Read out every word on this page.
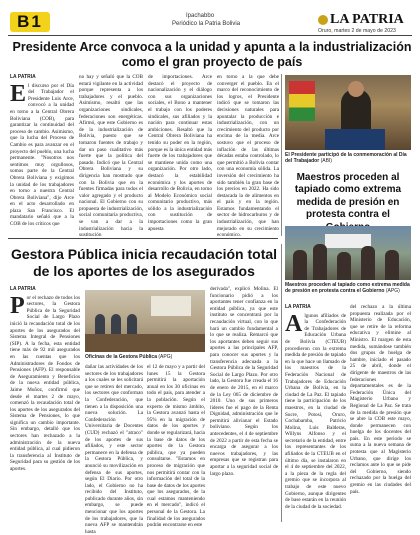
B1	Ipachabbo
Periódico la Patria Bolivia	LA PATRIA
Oruro, martes 2 de mayo de 2023
Presidente Arce convoca a la unidad y apunta a la industrialización como el gran proyecto de país
LA PATRIA
E l discurso por el Día del Trabajador el Presidente Luis Arce, convocó a la unidad en torno a la Central Obrera Boliviana (COB), para garantizar la continuidad del proceso de cambio. Asimismo, que la lucha del Proceso de Cambio es para avanzar en el proyecto del pueblo, una lucha permanente. "Nosotros nos sentimos muy orgullosos, somos parte de la Central Obrera Boliviana y exigimos la unidad de los trabajadores en torno a nuestra Central Obrera Boliviana", dijo Arce en el acto desarrollado en plaza San Francisco. El mandatario señaló que a la COB de los críticos que
no hay y señaló que la COB estará vigilante en la actividad porque representa a los trabajadores y el pueblo. Asimismo, resaltó que las organizaciones sindicales, federaciones son energéticas. Afirmó, que este Gobierno es de la industrialización de Bolivia, puesto que se tomaron fuentes de trabajo y dar un paso cualitativo más fuerte que la política del pasado. Indicó que la Central Obrera Boliviana y su dirigencia han mostrado que con la Bolivia que en la fuentes firmadas para todos el valor agregado y el producto nacional. El Gobierno con su propuesta de industrialización, social comunitaria productiva, se van a dar a la industrialización hacia la sustitución
de importaciones. Arce destacó el proyecto de nacionalización y el diálogo con sus organizaciones sociales, el Bono a mantener el trabajo con los poderes sindicales, sus afiliados y la nación para continuar estas ambiciones. Resaltó que la Central Obrera Boliviana ha tenido su poder en la región, porque es la única entidad más fuerte de los trabajadores que se mantiene unida como una organización. Por otro lado, destacó la estabilidad económica y los aportes de desarrollo de Bolivia, en torno al Modelo Económico social comunitario productivo, más sólido a la industrialización con sustitución de importaciones como la gran apuesta
en torno a la que debe converger el pueblo. En el marco del reconocimiento de los logros, el Presidente indicó que se tomaron las decisiones naturales para apuntalar la producción e industrialización, con un crecimiento del producto por encima de la media. Arce sostuvo que el proceso de inflación de las últimas décadas estaba controlado, lo que permitió a Bolivia contar con una economía sólida. La inversión del crecimiento ha sido también la gran base de los precios en 2022. Ha sido destacada la de alimentos en el país y en la región. Estamos fundamentando el sector de hidrocarburos y de industrialización, que han mejorado en su crecimiento económico.
El Presidente participó de la conmemoración al Día del Trabajador (ABI)
Maestros proceden al tapiado como extrema medida de presión en protesta contra el
Maestros proceden al tapiado como extrema medida de presión en protesta contra el Gobierno (APG)
LA PATRIA
A lgunos afiliados de la Confederación de Trabajadores de Educación Urbana de Bolivia (CTEUB) procedieron con la extrema medida de presión de tapiado en la que hace un llamado de los maestros de la Federación Nacional de Trabajadores de Educación Urbana de Bolivia, en la ciudad de La Paz. El tapiado tiene la participación de los maestros, en la ciudad de Sucre, Potosí, Oruro, Cochabamba, Patricio Molina, Luis Balderas, Willyns Alfonso y el secretario de la entidad, entre los representantes de los afiliados de la CTEUB en el último día, se instalaron en el 4 de septiembre del 2022, a la pieza de la regla del gremio que se incorpora al trabajo de este nuevo Gobierno, aunque dirigentes de base estarán en la reunión de la ciudad de la sociedad.
del rechazo a la última propuesta realizada por el Ministerio de Educación, que se retire de la reforma educativa y elimine al Ministro. El margen de esta medida, sumándose también dos grupos de huelga de hambre, iniciado el pasado 25 de abril, donde el dirigente de maestros de las federaciones departamentales es de la Federación Única del Magisterio Urbano y Regional de La Paz. Se trata de la medida de presión que se abre la COB este mayo, donde permanecen con huelga de los docentes del país. En este periodo se suma a la nueva semana de protesta que al Magisterio Urbano, que dirige los reclamos ante lo que se pide del Gobierno, siendo rechazado por la huelga del gremio en las ciudades del país.
Gestora Pública inicia recaudación total de los aportes de los asegurados
LA PATRIA
P or el rechazo de todos los sectores, la Gestora Pública de la Seguridad Social de Largo Plazo inició la recaudación total de los aportes de los asegurados del Sistema Integral de Pensiones (SIP). A la fecha, esta entidad tiene más de 92 mil asegurados en las cuentas que los Administradores de Fondos de Pensiones (AFP). El responsable de Aseguramiento y Beneficios de la nueva entidad pública, Jaime Muñoz, confirmó que desde el martes 2 de mayo, comenzó la recaudación total de los aportes de los asegurados del Sistema de Pensiones, lo que significa un cambio importante. Sin embargo, detalló que los sectores han rechazado a la administración de la nueva entidad pública, al cual pidieron la transferencia al Instituto de Seguridad para su gestión de los aportes.
Oficinas de la Gestora Pública (APG)
dañar las actividades de los sectores de los trabajadores a los cuales se les solicitará que se retiren del mercado, los sectores que conforman la Confederación, que tienen a la disposición una nueva solución. La Confederación Universitaria de Docentes (CUD) rechazó el "atraco" de los aportes de sus afiliados, y este sector permanece en la defensa de la Gestora Pública, y anunció su movilización en defensa de sus aportes, según El Diario. Por otro lado, el Gobierno no ha recibido del Instituto, publicado durante años, sin embargo, se puede mencionar que los aportes de los trabajadores, que la nueva AFP se mantendrán hasta
el 12 de mayo y a partir del lunes 15 la Gestora permitirá la aportación anual en los 30 oficinas en todo el país, para atender a la población. Según el experto de mismo ámbito, la Gestora avanzó hasta el 95% en la migración de datos de los aportes y donde se regularizará, hacia la base de datos de los aportes de la Gestora pública, que ya pueden consultarse. "Estamos en proceso de migración que nos permitirá contar con la información del total de la base de datos de los aportes que los asegurados, de la cual estamos manteniendo en el mercado", indicó el personal de la Gestora. La finalidad de los asegurados podrán encontrarse en este
derivada", explicó Molina. El funcionario pidió a los aportantes tener confianza en la entidad pública, ya que este instituto se concentrará por la recaudación virtual, con lo que hará un cambio fundamental a lo que se realiza. Remarcó que los aportantes deben seguir sus aportes a las principales AFP, para conocer sus aportes y la transferencia adecuada a la Gestora Pública de la Seguridad Social de Largo Plazo. Por otro lado, la Gestora fue creada el 16 de enero de 2015, en el marco de la Ley 065 de diciembre de 2010. Uno de sus primeros líderes fue el pago de la Renta Dignidad, administración que le permitirá alivianar el Estado boliviano. Según los antecedentes, el 4 de septiembre de 2022 a partir de esta fecha se encarga de asegurar a los nuevos trabajadores, y las empresas que se registran para aportar a la seguridad social de largo plazo.
